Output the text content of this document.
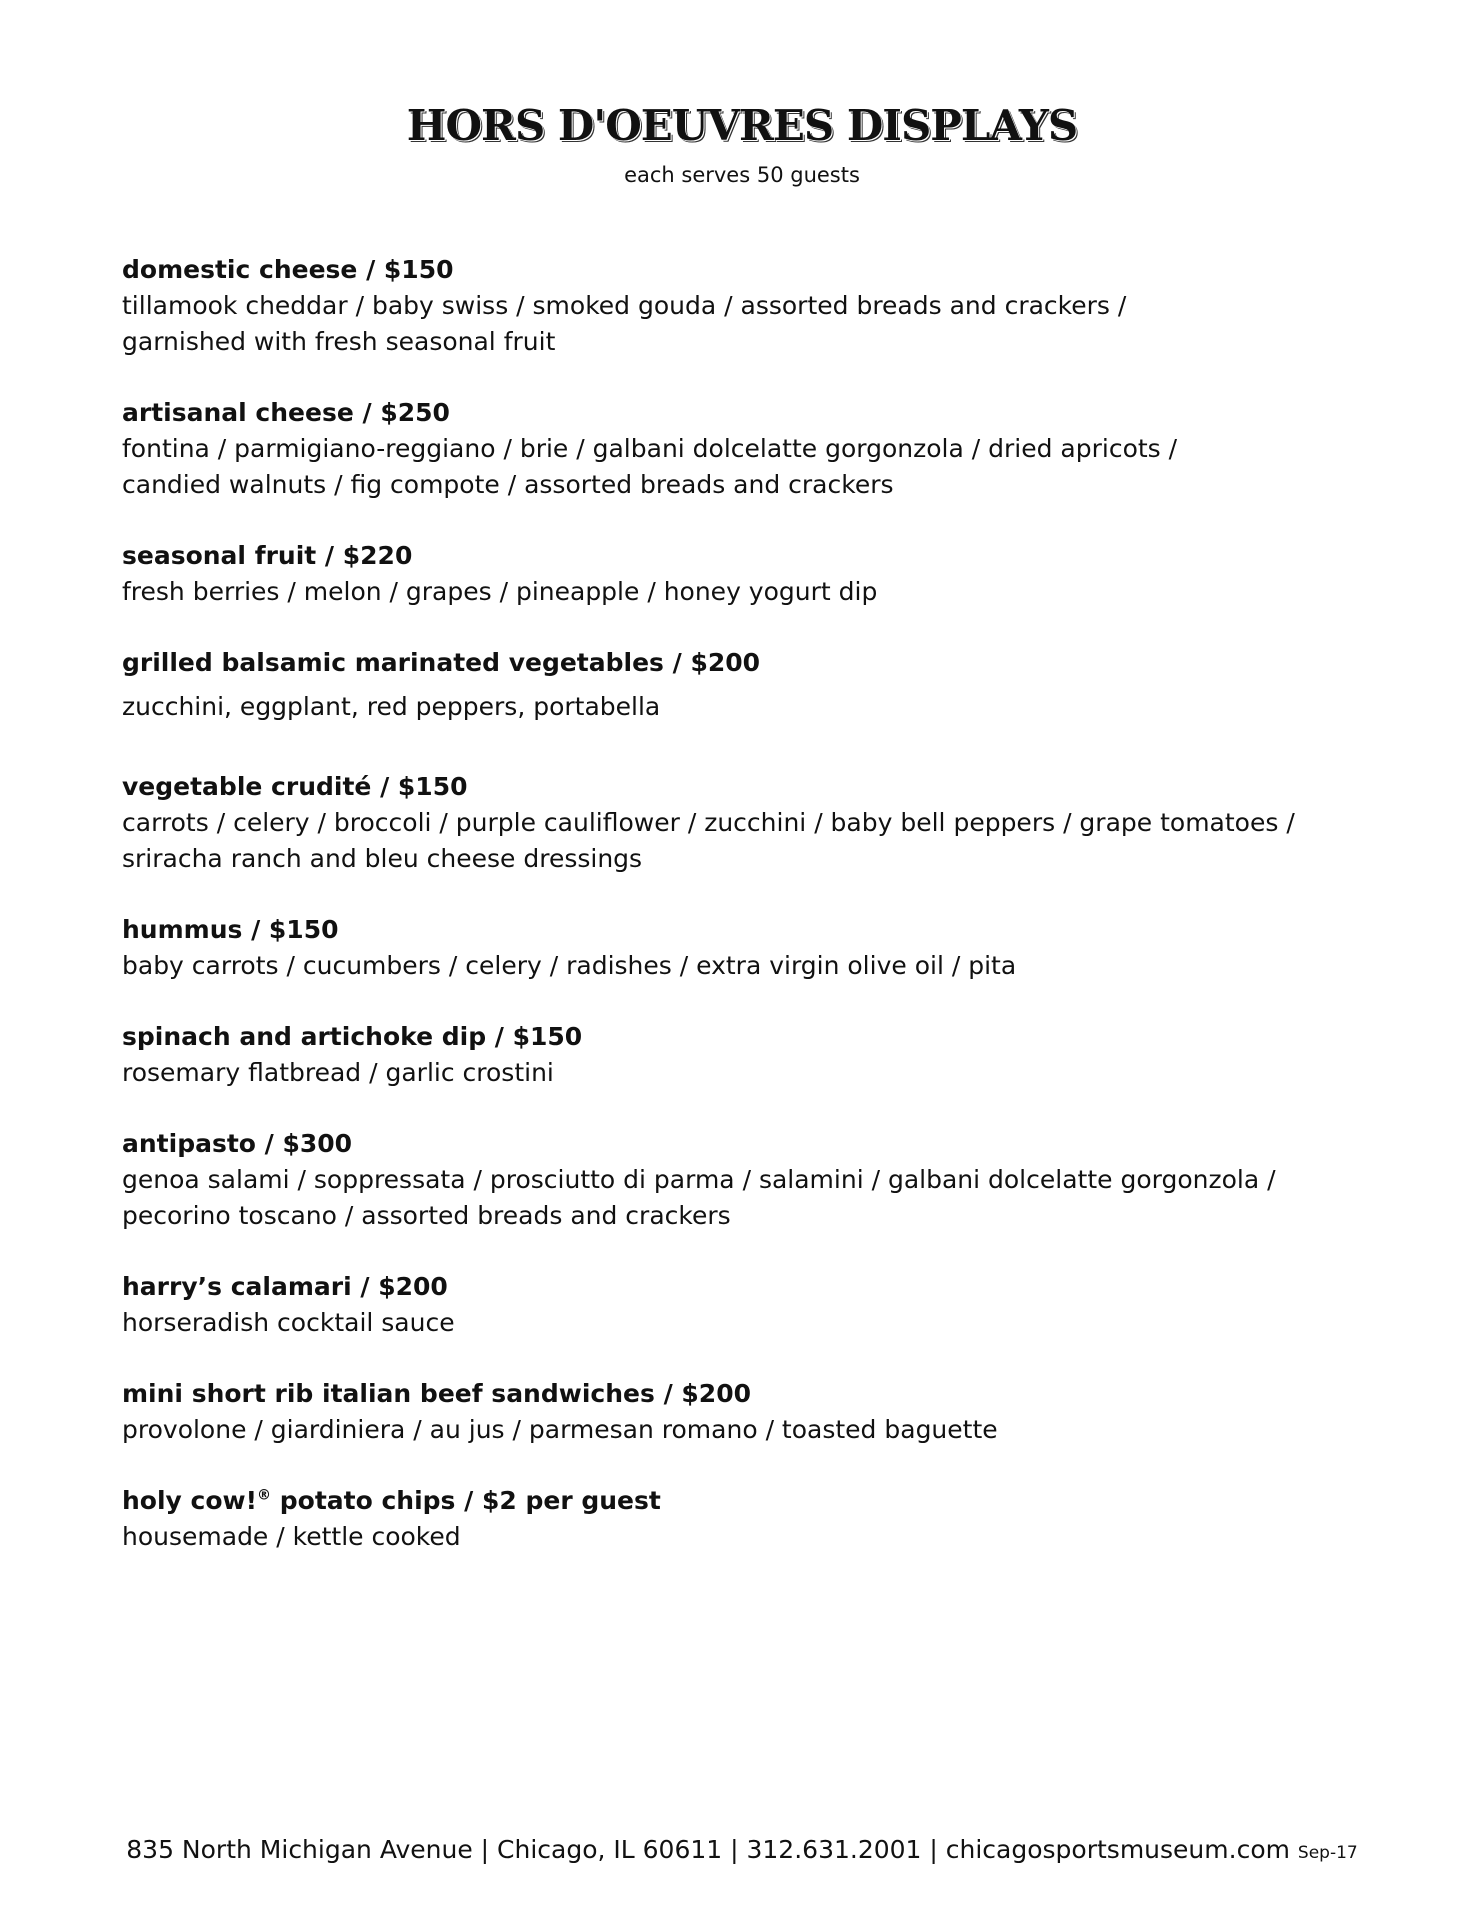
HORS D'OEUVRES DISPLAYS
each serves 50 guests
domestic cheese / $150
tillamook cheddar / baby swiss / smoked gouda / assorted breads and crackers /
garnished with fresh seasonal fruit
artisanal cheese / $250
fontina / parmigiano-reggiano / brie / galbani dolcelatte gorgonzola / dried apricots /
candied walnuts / fig compote / assorted breads and crackers
seasonal fruit / $220
fresh berries / melon / grapes / pineapple / honey yogurt dip
grilled balsamic marinated vegetables / $200
zucchini, eggplant, red peppers, portabella
vegetable crudité / $150
carrots / celery / broccoli / purple cauliflower / zucchini / baby bell peppers / grape tomatoes /
sriracha ranch and bleu cheese dressings
hummus / $150
baby carrots / cucumbers / celery / radishes / extra virgin olive oil / pita
spinach and artichoke dip / $150
rosemary flatbread / garlic crostini
antipasto / $300
genoa salami / soppressata / prosciutto di parma / salamini / galbani dolcelatte gorgonzola /
pecorino toscano / assorted breads and crackers
harry’s calamari / $200
horseradish cocktail sauce
mini short rib italian beef sandwiches / $200
provolone / giardiniera / au jus / parmesan romano / toasted baguette
holy cow!® potato chips / $2 per guest
housemade / kettle cooked
835 North Michigan Avenue | Chicago, IL 60611 | 312.631.2001 | chicagosportsmuseum.com Sep-17
